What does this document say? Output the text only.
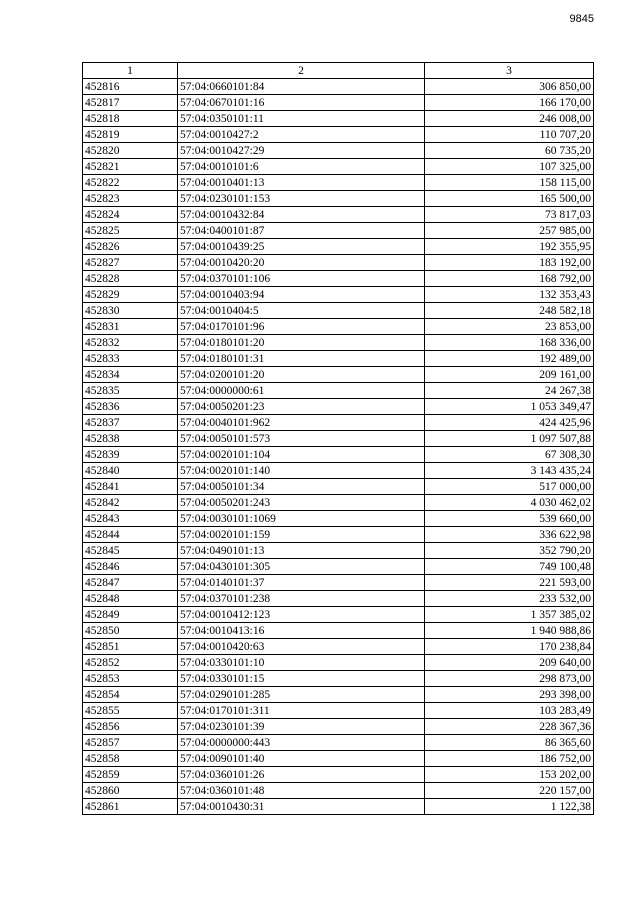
9845
1	2	3
452816	57:04:0660101:84	306 850,00
452817	57:04:0670101:16	166 170,00
452818	57:04:0350101:11	246 008,00
452819	57:04:0010427:2	110 707,20
452820	57:04:0010427:29	60 735,20
452821	57:04:0010101:6	107 325,00
452822	57:04:0010401:13	158 115,00
452823	57:04:0230101:153	165 500,00
452824	57:04:0010432:84	73 817,03
452825	57:04:0400101:87	257 985,00
452826	57:04:0010439:25	192 355,95
452827	57:04:0010420:20	183 192,00
452828	57:04:0370101:106	168 792,00
452829	57:04:0010403:94	132 353,43
452830	57:04:0010404:5	248 582,18
452831	57:04:0170101:96	23 853,00
452832	57:04:0180101:20	168 336,00
452833	57:04:0180101:31	192 489,00
452834	57:04:0200101:20	209 161,00
452835	57:04:0000000:61	24 267,38
452836	57:04:0050201:23	1 053 349,47
452837	57:04:0040101:962	424 425,96
452838	57:04:0050101:573	1 097 507,88
452839	57:04:0020101:104	67 308,30
452840	57:04:0020101:140	3 143 435,24
452841	57:04:0050101:34	517 000,00
452842	57:04:0050201:243	4 030 462,02
452843	57:04:0030101:1069	539 660,00
452844	57:04:0020101:159	336 622,98
452845	57:04:0490101:13	352 790,20
452846	57:04:0430101:305	749 100,48
452847	57:04:0140101:37	221 593,00
452848	57:04:0370101:238	233 532,00
452849	57:04:0010412:123	1 357 385,02
452850	57:04:0010413:16	1 940 988,86
452851	57:04:0010420:63	170 238,84
452852	57:04:0330101:10	209 640,00
452853	57:04:0330101:15	298 873,00
452854	57:04:0290101:285	293 398,00
452855	57:04:0170101:311	103 283,49
452856	57:04:0230101:39	228 367,36
452857	57:04:0000000:443	86 365,60
452858	57:04:0090101:40	186 752,00
452859	57:04:0360101:26	153 202,00
452860	57:04:0360101:48	220 157,00
452861	57:04:0010430:31	1 122,38
